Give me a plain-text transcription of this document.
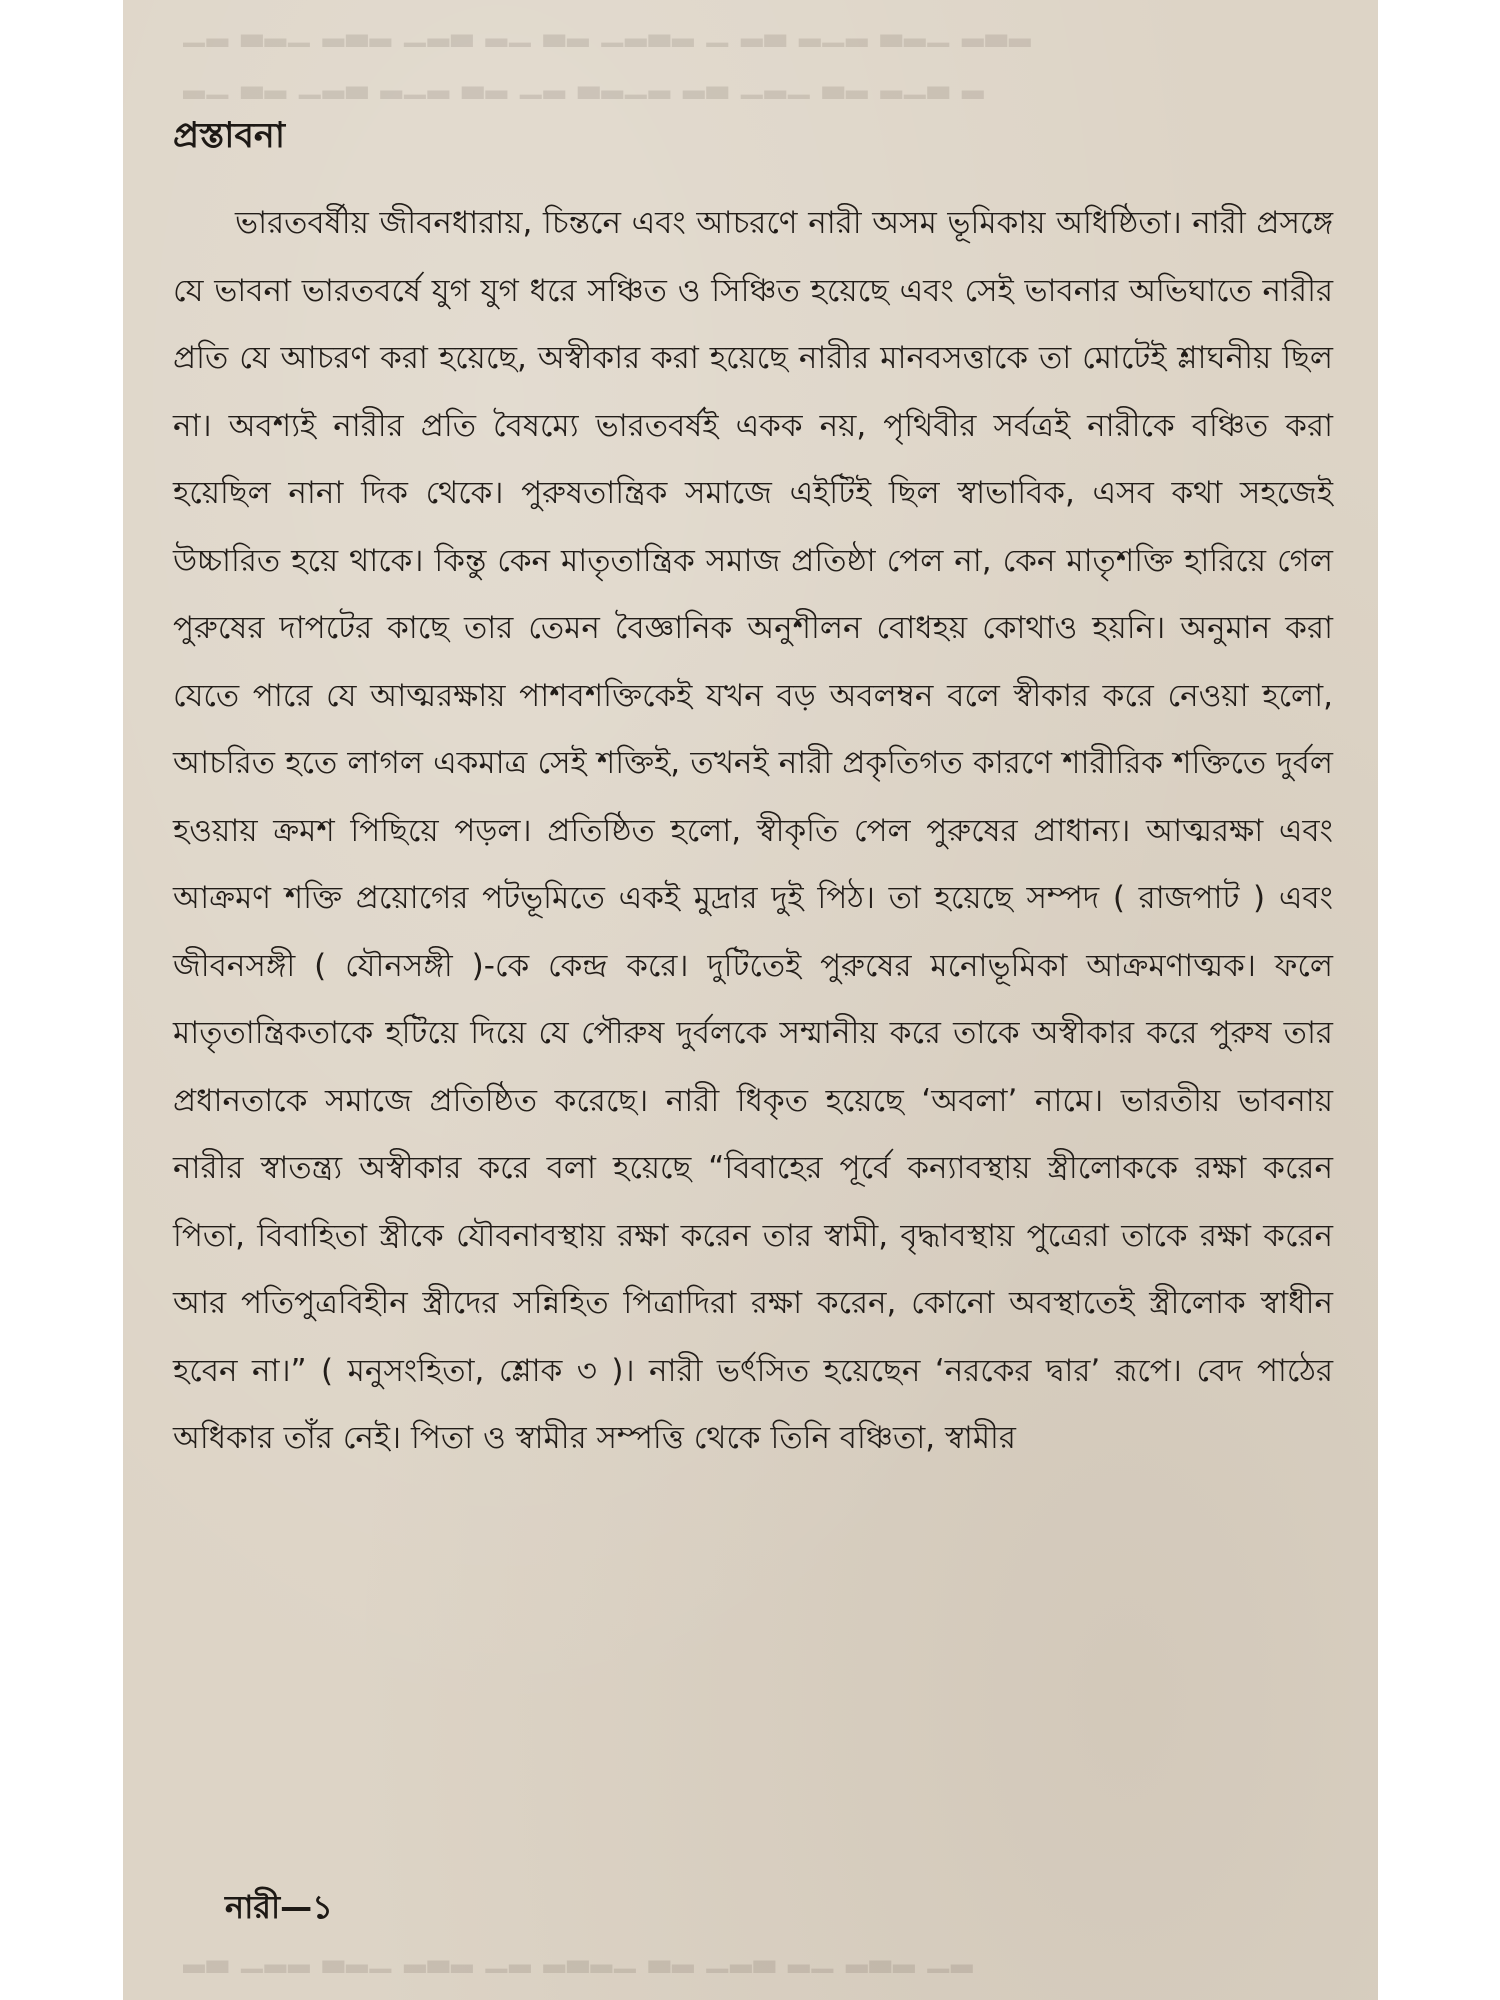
▁▂ ▃▂▁ ▂▃▂ ▁▂▃ ▂▁ ▃▂ ▁▂▃▂ ▁ ▂▃ ▂▁▂ ▃▂▁ ▂▃▂
▂▁ ▃▂ ▁▂▃ ▂▁▂ ▃▂ ▁▂ ▃▂▁▂ ▂▃ ▁▂▁ ▃▂ ▂▁▃ ▂
▂▃ ▁▂▂ ▃▂▁ ▂▃▂ ▁▂ ▂▃▂▁ ▃▂ ▁▂▃ ▂▁ ▂▃▂ ▁▂
প্রস্তাবনা

ভারতবর্ষীয় জীবনধারায়, চিন্তনে এবং আচরণে নারী অসম ভূমিকায় অধিষ্ঠিতা। নারী প্রসঙ্গে যে ভাবনা ভারতবর্ষে যুগ যুগ ধরে সঞ্চিত ও সিঞ্চিত হয়েছে এবং সেই ভাবনার অভিঘাতে নারীর প্রতি যে আচরণ করা হয়েছে, অস্বীকার করা হয়েছে নারীর মানবসত্তাকে তা মোটেই শ্লাঘনীয় ছিল না। অবশ্যই নারীর প্রতি বৈষম্যে ভারতবর্ষই একক নয়, পৃথিবীর সর্বত্রই নারীকে বঞ্চিত করা হয়েছিল নানা দিক থেকে। পুরুষতান্ত্রিক সমাজে এইটিই ছিল স্বাভাবিক, এসব কথা সহজেই উচ্চারিত হয়ে থাকে। কিন্তু কেন মাতৃতান্ত্রিক সমাজ প্রতিষ্ঠা পেল না, কেন মাতৃশক্তি হারিয়ে গেল পুরুষের দাপটের কাছে তার তেমন বৈজ্ঞানিক অনুশীলন বোধহয় কোথাও হয়নি। অনুমান করা যেতে পারে যে আত্মরক্ষায় পাশবশক্তিকেই যখন বড় অবলম্বন বলে স্বীকার করে নেওয়া হলো, আচরিত হতে লাগল একমাত্র সেই শক্তিই, তখনই নারী প্রকৃতিগত কারণে শারীরিক শক্তিতে দুর্বল হওয়ায় ক্রমশ পিছিয়ে পড়ল। প্রতিষ্ঠিত হলো, স্বীকৃতি পেল পুরুষের প্রাধান্য। আত্মরক্ষা এবং আক্রমণ শক্তি প্রয়োগের পটভূমিতে একই মুদ্রার দুই পিঠ। তা হয়েছে সম্পদ ( রাজপাট ) এবং জীবনসঙ্গী ( যৌনসঙ্গী )-কে কেন্দ্র করে। দুটিতেই পুরুষের মনোভূমিকা আক্রমণাত্মক। ফলে মাতৃতান্ত্রিকতাকে হটিয়ে দিয়ে যে পৌরুষ দুর্বলকে সম্মানীয় করে তাকে অস্বীকার করে পুরুষ তার প্রধানতাকে সমাজে প্রতিষ্ঠিত করেছে। নারী ধিকৃত হয়েছে ‘অবলা’ নামে। ভারতীয় ভাবনায় নারীর স্বাতন্ত্র্য অস্বীকার করে বলা হয়েছে “বিবাহের পূর্বে কন্যাবস্থায় স্ত্রীলোককে রক্ষা করেন পিতা, বিবাহিতা স্ত্রীকে যৌবনাবস্থায় রক্ষা করেন তার স্বামী, বৃদ্ধাবস্থায় পুত্রেরা তাকে রক্ষা করেন আর পতিপুত্রবিহীন স্ত্রীদের সন্নিহিত পিত্রাদিরা রক্ষা করেন, কোনো অবস্থাতেই স্ত্রীলোক স্বাধীন হবেন না।” ( মনুসংহিতা, শ্লোক ৩ )। নারী ভর্ৎসিত হয়েছেন ‘নরকের দ্বার’ রূপে। বেদ পাঠের অধিকার তাঁর নেই। পিতা ও স্বামীর সম্পত্তি থেকে তিনি বঞ্চিতা, স্বামীর

নারী—১
